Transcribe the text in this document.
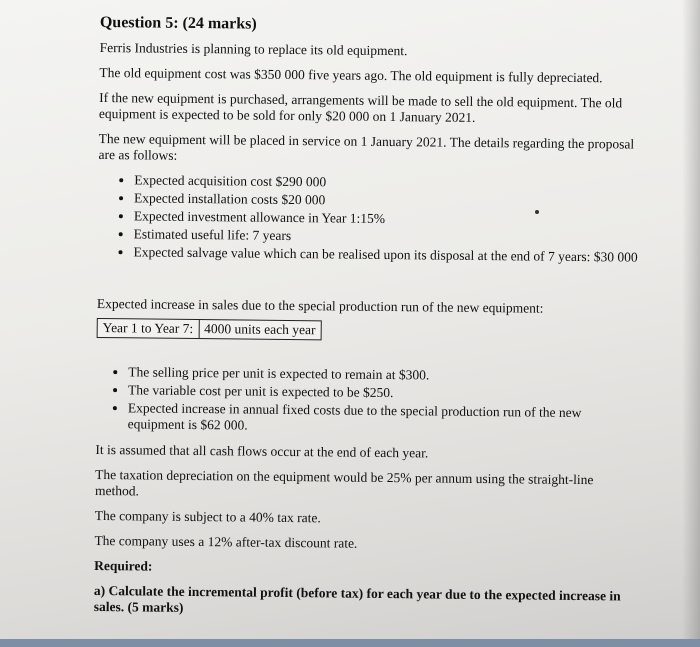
Question 5: (24 marks)

Ferris Industries is planning to replace its old equipment.

The old equipment cost was $350 000 five years ago. The old equipment is fully depreciated.

If the new equipment is purchased, arrangements will be made to sell the old equipment. The old equipment is expected to be sold for only $20 000 on 1 January 2021.

The new equipment will be placed in service on 1 January 2021. The details regarding the proposal are as follows:

• Expected acquisition cost $290 000
• Expected installation costs $20 000
• Expected investment allowance in Year 1:15%
• Estimated useful life: 7 years
• Expected salvage value which can be realised upon its disposal at the end of 7 years: $30 000

Expected increase in sales due to the special production run of the new equipment:

Year 1 to Year 7: 4000 units each year
• The selling price per unit is expected to remain at $300.
• The variable cost per unit is expected to be $250.
• Expected increase in annual fixed costs due to the special production run of the new equipment is $62 000.

It is assumed that all cash flows occur at the end of each year.

The taxation depreciation on the equipment would be 25% per annum using the straight-line method.

The company is subject to a 40% tax rate.

The company uses a 12% after-tax discount rate.

Required:

a) Calculate the incremental profit (before tax) for each year due to the expected increase in sales. (5 marks)
